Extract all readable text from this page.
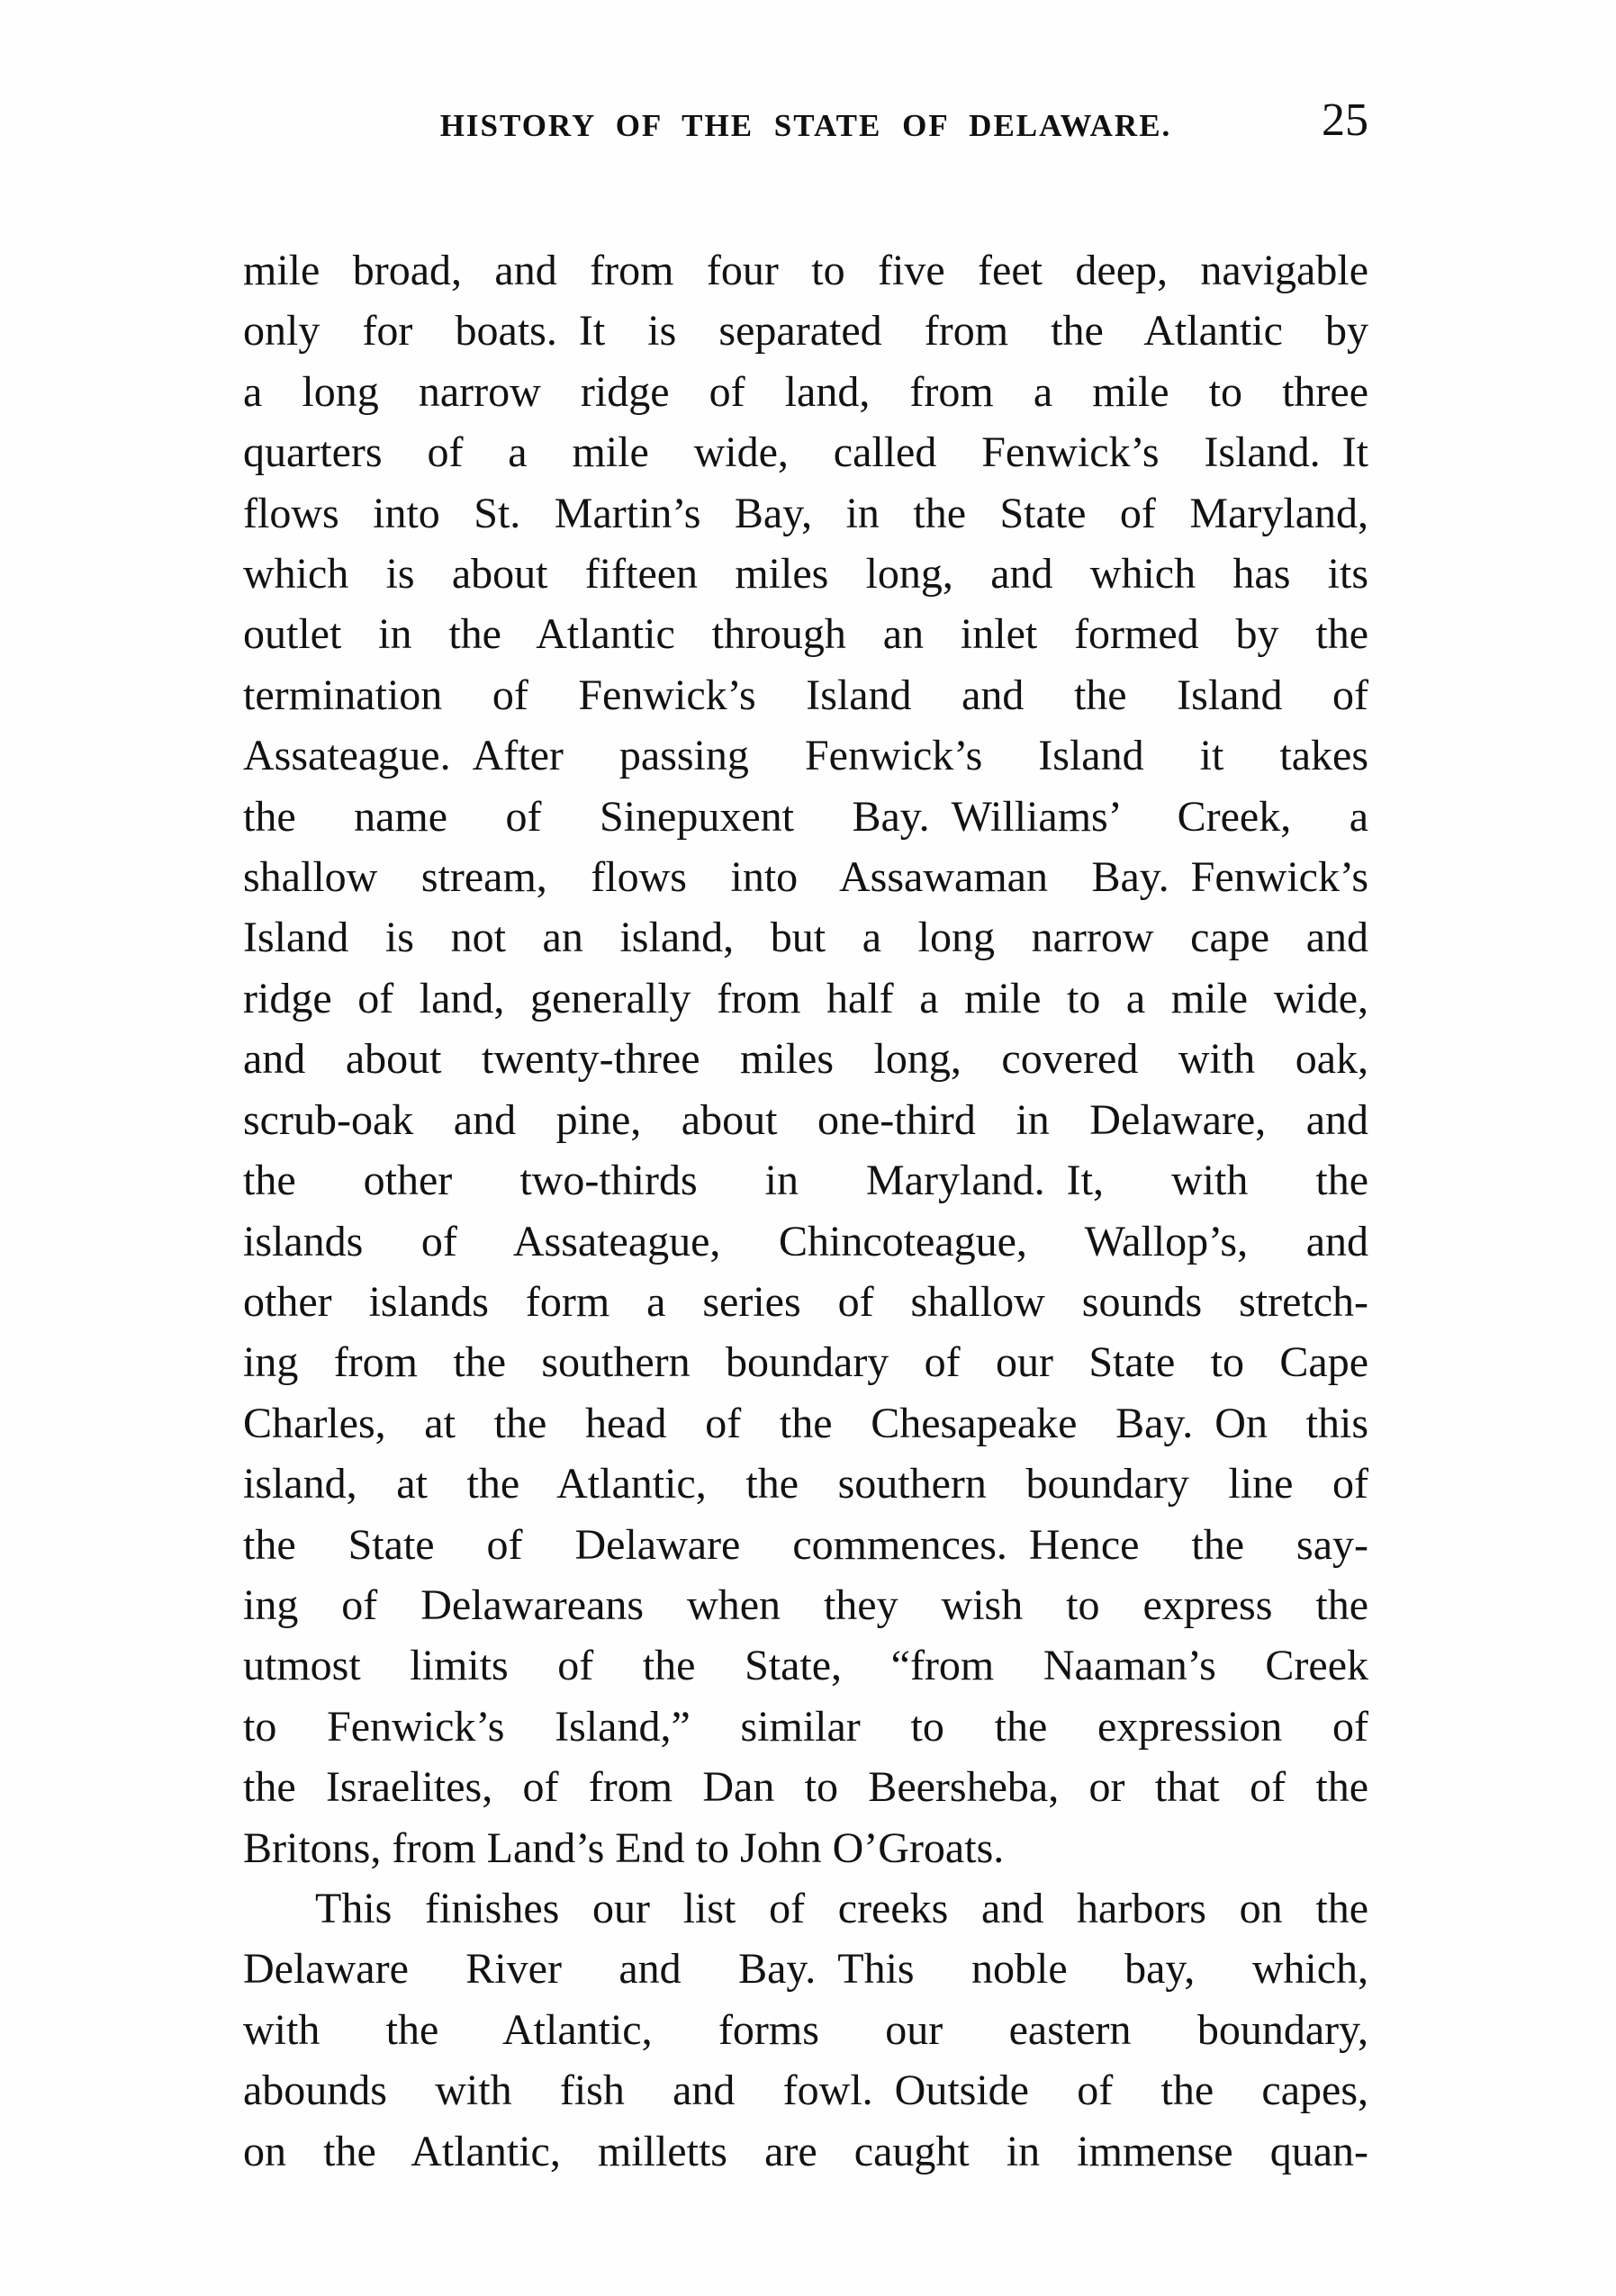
HISTORY OF THE STATE OF DELAWARE.	25
mile broad, and from four to five feet deep, navigable
only for boats. It is separated from the Atlantic by
a long narrow ridge of land, from a mile to three
quarters of a mile wide, called Fenwick’s Island. It
flows into St. Martin’s Bay, in the State of Maryland,
which is about fifteen miles long, and which has its
outlet in the Atlantic through an inlet formed by the
termination of Fenwick’s Island and the Island of
Assateague. After passing Fenwick’s Island it takes
the name of Sinepuxent Bay. Williams’ Creek, a
shallow stream, flows into Assawaman Bay. Fenwick’s
Island is not an island, but a long narrow cape and
ridge of land, generally from half a mile to a mile wide,
and about twenty-three miles long, covered with oak,
scrub-oak and pine, about one-third in Delaware, and
the other two-thirds in Maryland. It, with the
islands of Assateague, Chincoteague, Wallop’s, and
other islands form a series of shallow sounds stretch-
ing from the southern boundary of our State to Cape
Charles, at the head of the Chesapeake Bay. On this
island, at the Atlantic, the southern boundary line of
the State of Delaware commences. Hence the say-
ing of Delawareans when they wish to express the
utmost limits of the State, “from Naaman’s Creek
to Fenwick’s Island,” similar to the expression of
the Israelites, of from Dan to Beersheba, or that of the
Britons, from Land’s End to John O’Groats.
This finishes our list of creeks and harbors on the
Delaware River and Bay. This noble bay, which,
with the Atlantic, forms our eastern boundary,
abounds with fish and fowl. Outside of the capes,
on the Atlantic, milletts are caught in immense quan-
